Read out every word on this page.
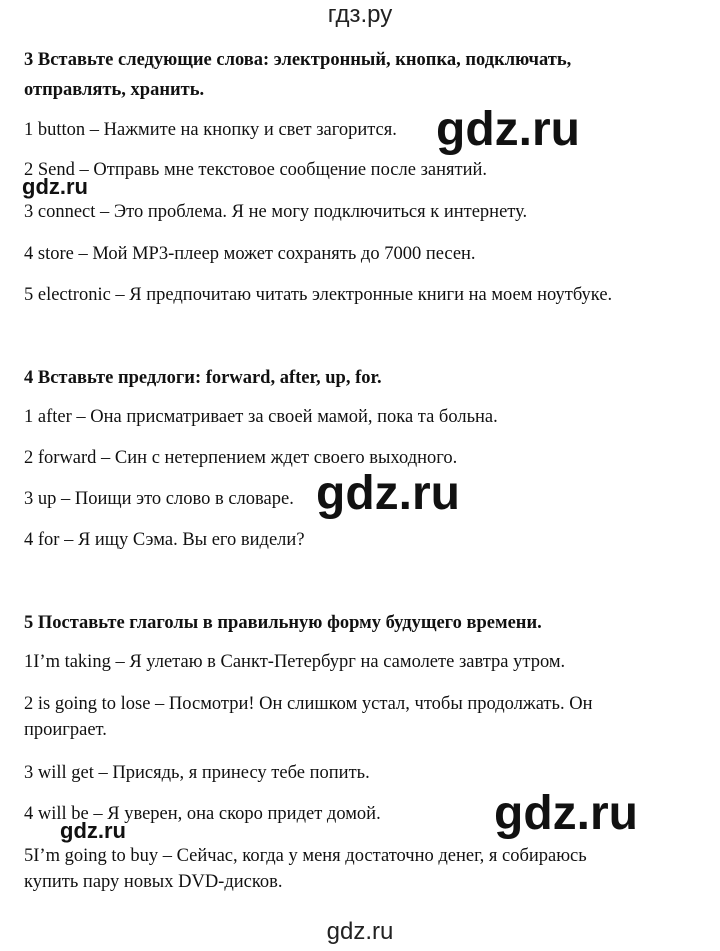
гдз.ру
3 Вставьте следующие слова: электронный, кнопка, подключать,
отправлять, хранить.
1 button – Нажмите на кнопку и свет загорится.
2 Send – Отправь мне текстовое сообщение после занятий.
3 connect – Это проблема. Я не могу подключиться к интернету.
4 store – Мой MP3-плеер может сохранять до 7000 песен.
5 electronic – Я предпочитаю читать электронные книги на моем ноутбуке.
4 Вставьте предлоги: forward, after, up, for.
1 after – Она присматривает за своей мамой, пока та больна.
2 forward – Син с нетерпением ждет своего выходного.
3 up – Поищи это слово в словаре.
4 for – Я ищу Сэма. Вы его видели?
5 Поставьте глаголы в правильную форму будущего времени.
1I’m taking – Я улетаю в Санкт-Петербург на самолете завтра утром.
2 is going to lose – Посмотри! Он слишком устал, чтобы продолжать. Он
проиграет.
3 will get – Присядь, я принесу тебе попить.
4 will be – Я уверен, она скоро придет домой.
5I’m going to buy – Сейчас, когда у меня достаточно денег, я собираюсь
купить пару новых DVD-дисков.
gdz.ru
gdz.ru
gdz.ru
gdz.ru
gdz.ru
gdz.ru
